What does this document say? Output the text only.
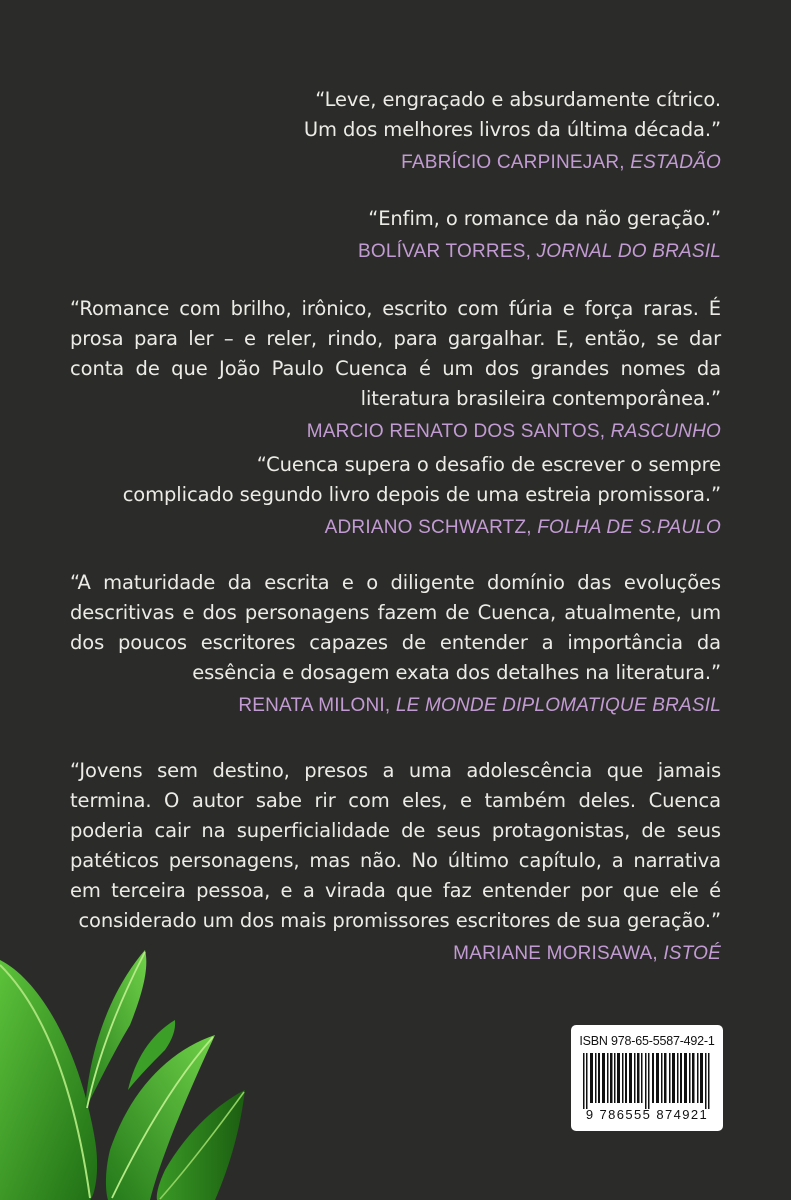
“Leve, engraçado e absurdamente cítrico.
Um dos melhores livros da última década.”

FABRÍCIO CARPINEJAR, ESTADÃO

“Enfim, o romance da não geração.”

BOLÍVAR TORRES, JORNAL DO BRASIL

“Romance com brilho, irônico, escrito com fúria e força raras. É prosa para ler – e reler, rindo, para gargalhar. E, então, se dar conta de que João Paulo Cuenca é um dos grandes nomes da literatura brasileira contemporânea.”

MARCIO RENATO DOS SANTOS, RASCUNHO

“Cuenca supera o desafio de escrever o sempre
complicado segundo livro depois de uma estreia promissora.”

ADRIANO SCHWARTZ, FOLHA DE S.PAULO

“A maturidade da escrita e o diligente domínio das evoluções descritivas e dos personagens fazem de Cuenca, atualmente, um dos poucos escritores capazes de entender a importância da essência e dosagem exata dos detalhes na literatura.”

RENATA MILONI, LE MONDE DIPLOMATIQUE BRASIL

“Jovens sem destino, presos a uma adolescência que jamais termina. O autor sabe rir com eles, e também deles. Cuenca poderia cair na superficialidade de seus protagonistas, de seus patéticos personagens, mas não. No último capítulo, a narrativa em terceira pessoa, e a virada que faz entender por que ele é considerado um dos mais promissores escritores de sua geração.”

MARIANE MORISAWA, ISTOÉ
ISBN 978-65-5587-492-1
9 786555 874921
